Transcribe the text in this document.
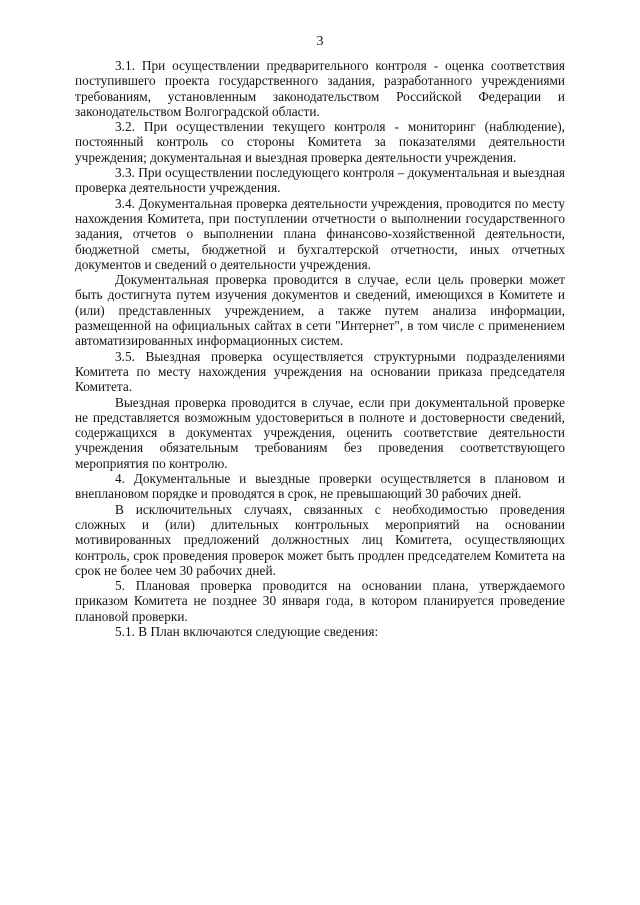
3

3.1. При осуществлении предварительного контроля - оценка соответствия поступившего проекта государственного задания, разработанного учреждениями требованиям, установленным законодательством Российской Федерации и законодательством Волгоградской области.

3.2. При осуществлении текущего контроля - мониторинг (наблюдение), постоянный контроль со стороны Комитета за показателями деятельности учреждения; документальная и выездная проверка деятельности учреждения.

3.3. При осуществлении последующего контроля – документальная и выездная проверка деятельности учреждения.

3.4. Документальная проверка деятельности учреждения, проводится по месту нахождения Комитета, при поступлении отчетности о выполнении государственного задания, отчетов о выполнении плана финансово-хозяйственной деятельности, бюджетной сметы, бюджетной и бухгалтерской отчетности, иных отчетных документов и сведений о деятельности учреждения.

Документальная проверка проводится в случае, если цель проверки может быть достигнута путем изучения документов и сведений, имеющихся в Комитете и (или) представленных учреждением, а также путем анализа информации, размещенной на официальных сайтах в сети "Интернет", в том числе с применением автоматизированных информационных систем.

3.5. Выездная проверка осуществляется структурными подразделениями Комитета по месту нахождения учреждения на основании приказа председателя Комитета.

Выездная проверка проводится в случае, если при документальной проверке не представляется возможным удостовериться в полноте и достоверности сведений, содержащихся в документах учреждения, оценить соответствие деятельности учреждения обязательным требованиям без проведения соответствующего мероприятия по контролю.

4. Документальные и выездные проверки осуществляется в плановом и внеплановом порядке и проводятся в срок, не превышающий 30 рабочих дней.

В исключительных случаях, связанных с необходимостью проведения сложных и (или) длительных контрольных мероприятий на основании мотивированных предложений должностных лиц Комитета, осуществляющих контроль, срок проведения проверок может быть продлен председателем Комитета на срок не более чем 30 рабочих дней.

5. Плановая проверка проводится на основании плана, утверждаемого приказом Комитета не позднее 30 января года, в котором планируется проведение плановой проверки.

5.1. В План включаются следующие сведения:
